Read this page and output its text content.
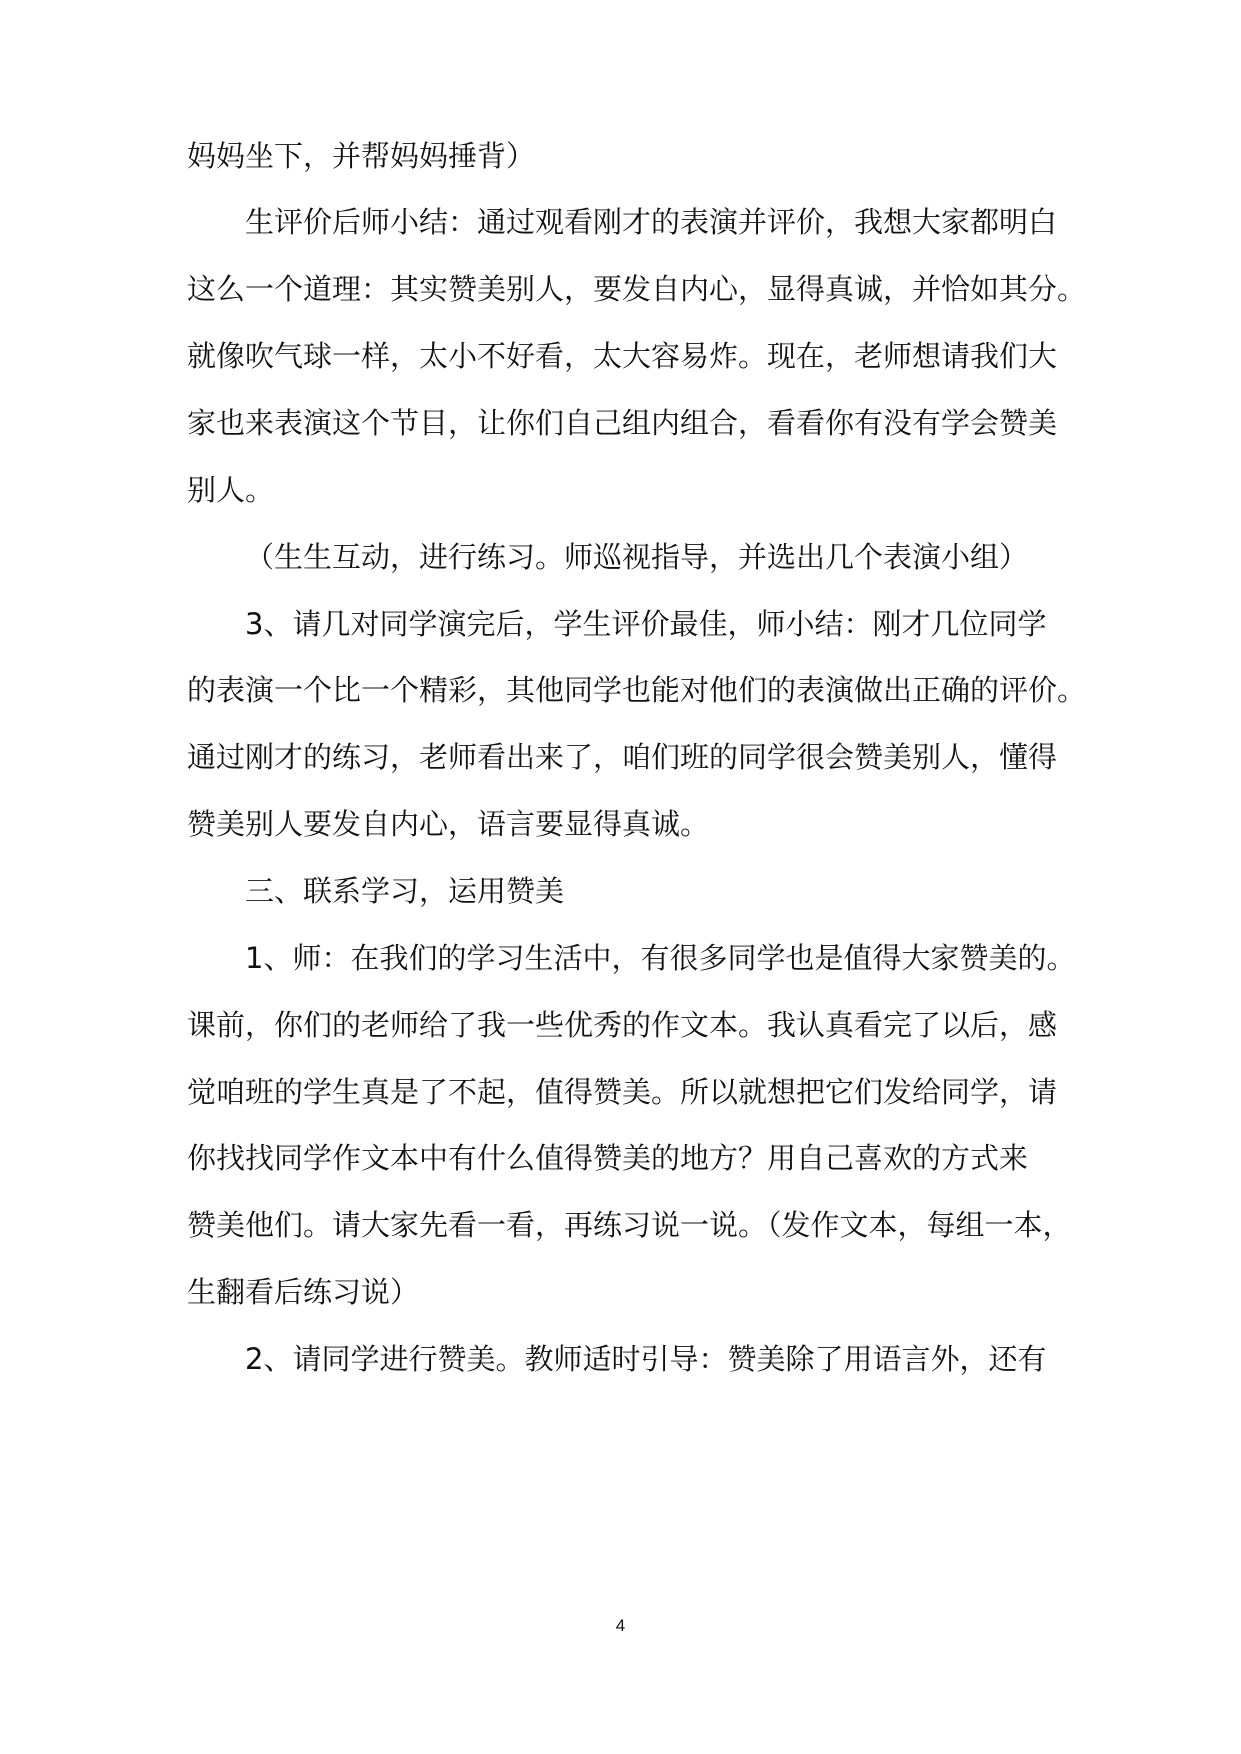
妈妈坐下，并帮妈妈捶背）
生评价后师小结：通过观看刚才的表演并评价，我想大家都明白
这么一个道理：其实赞美别人，要发自内心，显得真诚，并恰如其分。
就像吹气球一样，太小不好看，太大容易炸。现在，老师想请我们大
家也来表演这个节目，让你们自己组内组合，看看你有没有学会赞美
别人。
（生生互动，进行练习。师巡视指导，并选出几个表演小组）
3、请几对同学演完后，学生评价最佳，师小结：刚才几位同学
的表演一个比一个精彩，其他同学也能对他们的表演做出正确的评价。
通过刚才的练习，老师看出来了，咱们班的同学很会赞美别人，懂得
赞美别人要发自内心，语言要显得真诚。
三、联系学习，运用赞美
1、师：在我们的学习生活中，有很多同学也是值得大家赞美的。
课前，你们的老师给了我一些优秀的作文本。我认真看完了以后，感
觉咱班的学生真是了不起，值得赞美。所以就想把它们发给同学，请
你找找同学作文本中有什么值得赞美的地方？用自己喜欢的方式来
赞美他们。请大家先看一看，再练习说一说。（发作文本，每组一本，
生翻看后练习说）
2、请同学进行赞美。教师适时引导：赞美除了用语言外，还有
4
